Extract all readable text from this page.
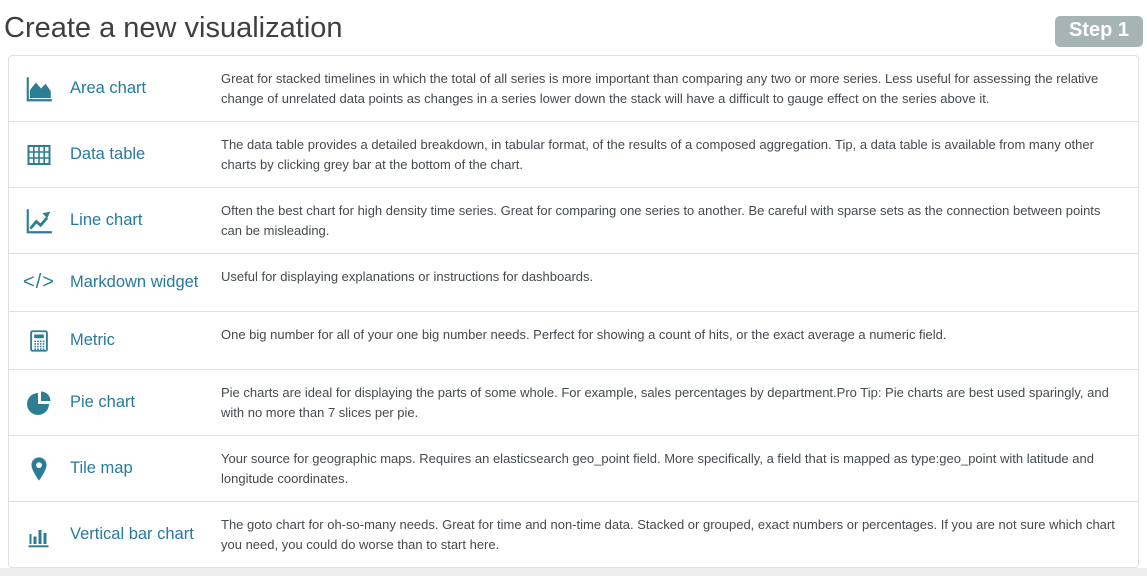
Create a new visualization	Step 1
Area chart
Great for stacked timelines in which the total of all series is more important than comparing any two or more series. Less useful for assessing the relative change of unrelated data points as changes in a series lower down the stack will have a difficult to gauge effect on the series above it.
Data table
The data table provides a detailed breakdown, in tabular format, of the results of a composed aggregation. Tip, a data table is available from many other charts by clicking grey bar at the bottom of the chart.
Line chart
Often the best chart for high density time series. Great for comparing one series to another. Be careful with sparse sets as the connection between points can be misleading.
</> Markdown widget Useful for displaying explanations or instructions for dashboards.
Metric	One big number for all of your one big number needs. Perfect for showing a count of hits, or the exact average a numeric field.
Pie chart
Pie charts are ideal for displaying the parts of some whole. For example, sales percentages by department.Pro Tip: Pie charts are best used sparingly, and with no more than 7 slices per pie.
Tile map
Your source for geographic maps. Requires an elasticsearch geo_point field. More specifically, a field that is mapped as type:geo_point with latitude and longitude coordinates.
Vertical bar chart
The goto chart for oh-so-many needs. Great for time and non-time data. Stacked or grouped, exact numbers or percentages. If you are not sure which chart you need, you could do worse than to start here.
